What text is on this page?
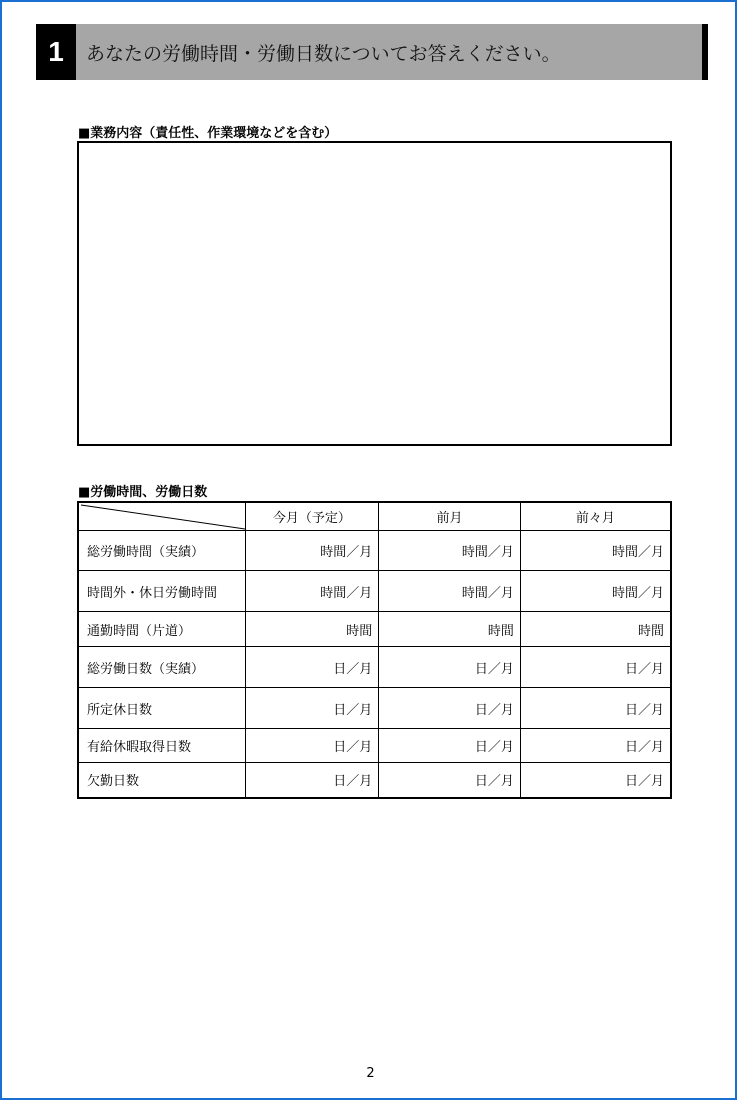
1	あなたの労働時間・労働日数についてお答えください。
■業務内容（責任性、作業環境などを含む）
■労働時間、労働日数
	今月（予定）	前月	前々月
総労働時間（実績）	時間／月	時間／月	時間／月
時間外・休日労働時間	時間／月	時間／月	時間／月
通勤時間（片道）	時間	時間	時間
総労働日数（実績）	日／月	日／月	日／月
所定休日数	日／月	日／月	日／月
有給休暇取得日数	日／月	日／月	日／月
欠勤日数	日／月	日／月	日／月
2
